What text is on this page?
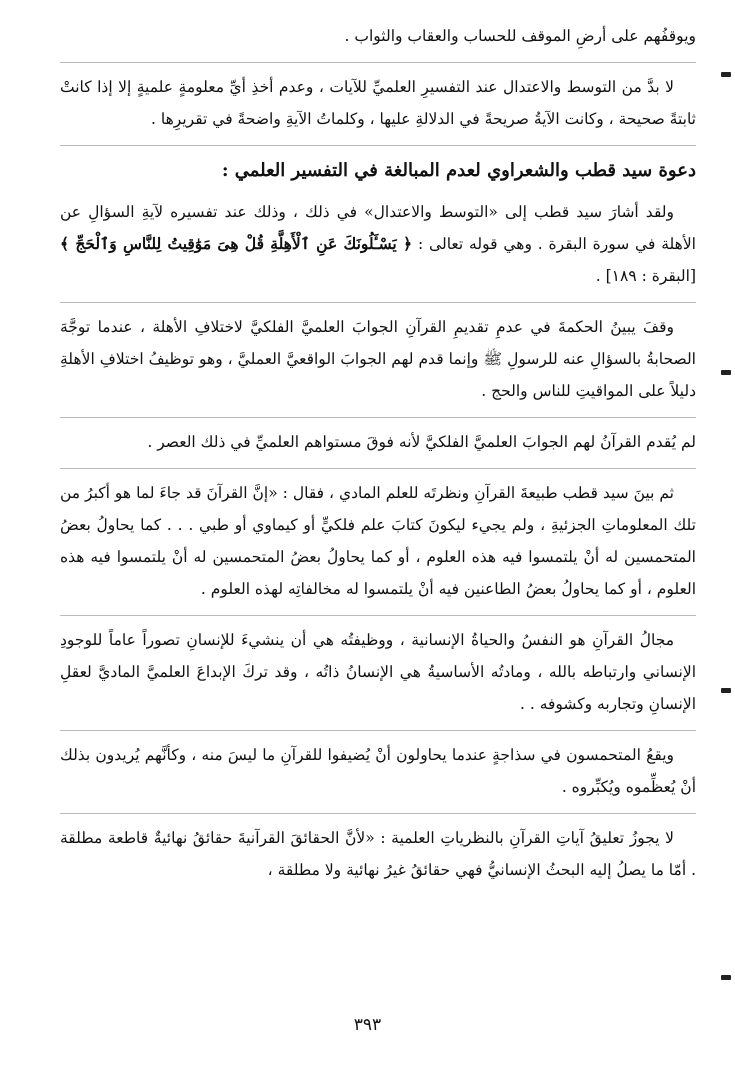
ويوقفُهم على أرضِ الموقف للحساب والعقاب والثواب .

لا بدَّ من التوسط والاعتدال عند التفسيرِ العلميِّ للآيات ، وعدم أخذِ أيِّ معلومةٍ علميةٍ إلا إذا كانتْ ثابتةً صحيحة ، وكانت الآيةُ صريحةً في الدلالةِ عليها ، وكلماتُ الآيةِ واضحةً في تقريرِها .

دعوة سيد قطب والشعراوي لعدم المبالغة في التفسير العلمي :

ولقد أشارَ سيد قطب إلى «التوسط والاعتدال» في ذلك ، وذلك عند تفسيره لآيةِ السؤالِ عن الأهلة في سورة البقرة . وهي قوله تعالى : ﴿ يَسْـَٔلُونَكَ عَنِ ٱلْأَهِلَّةِ قُلْ هِىَ مَوَٰقِيتُ لِلنَّاسِ وَٱلْحَجِّ ﴾ [البقرة : ١٨٩] .

وقفَ يبينُ الحكمةَ في عدمِ تقديمِ القرآنِ الجوابَ العلميَّ الفلكيَّ لاختلافِ الأهلة ، عندما توجَّهَ الصحابةُ بالسؤالِ عنه للرسولِ ﷺ وإنما قدم لهم الجوابَ الواقعيَّ العمليَّ ، وهو توظيفُ اختلافِ الأهلةِ دليلاً على المواقيتِ للناس والحج .

لم يُقدم القرآنُ لهم الجوابَ العلميَّ الفلكيَّ لأنه فوقَ مستواهم العلميِّ في ذلك العصر .

ثم بينَ سيد قطب طبيعةَ القرآنِ ونظرتَه للعلم المادي ، فقال : «إنَّ القرآنَ قد جاءَ لما هو أكبرُ من تلك المعلوماتِ الجزئيةِ ، ولم يجيء ليكونَ كتابَ علم فلكيٍّ أو كيماوي أو طبي . . . كما يحاولُ بعضُ المتحمسين له أنْ يلتمسوا فيه هذه العلوم ، أو كما يحاولُ بعضُ المتحمسين له أنْ يلتمسوا فيه هذه العلوم ، أو كما يحاولُ بعضُ الطاعنين فيه أنْ يلتمسوا له مخالفاتِه لهذه العلوم .

مجالُ القرآنِ هو النفسُ والحياةُ الإنسانية ، ووظيفتُه هي أن ينشيءَ للإنسانِ تصوراً عاماً للوجودِ الإنساني وارتباطه بالله ، ومادتُه الأساسيةُ هي الإنسانُ ذاتُه ، وقد تركَ الإبداعَ العلميَّ الماديَّ لعقلِ الإنسانِ وتجاربه وكشوفه . .

ويقعُ المتحمسون في سذاجةٍ عندما يحاولون أنْ يُضيفوا للقرآنِ ما ليسَ منه ، وكأنَّهم يُريدون بذلك أنْ يُعظِّموه ويُكبِّروه .

لا يجوزُ تعليقُ آياتِ القرآنِ بالنظرياتِ العلمية : «لأنَّ الحقائقَ القرآنيةَ حقائقُ نهائيةٌ قاطعة مطلقة . أمّا ما يصلُ إليه البحثُ الإنسانيُّ فهي حقائقُ غيرُ نهائية ولا مطلقة ،

٣٩٣
